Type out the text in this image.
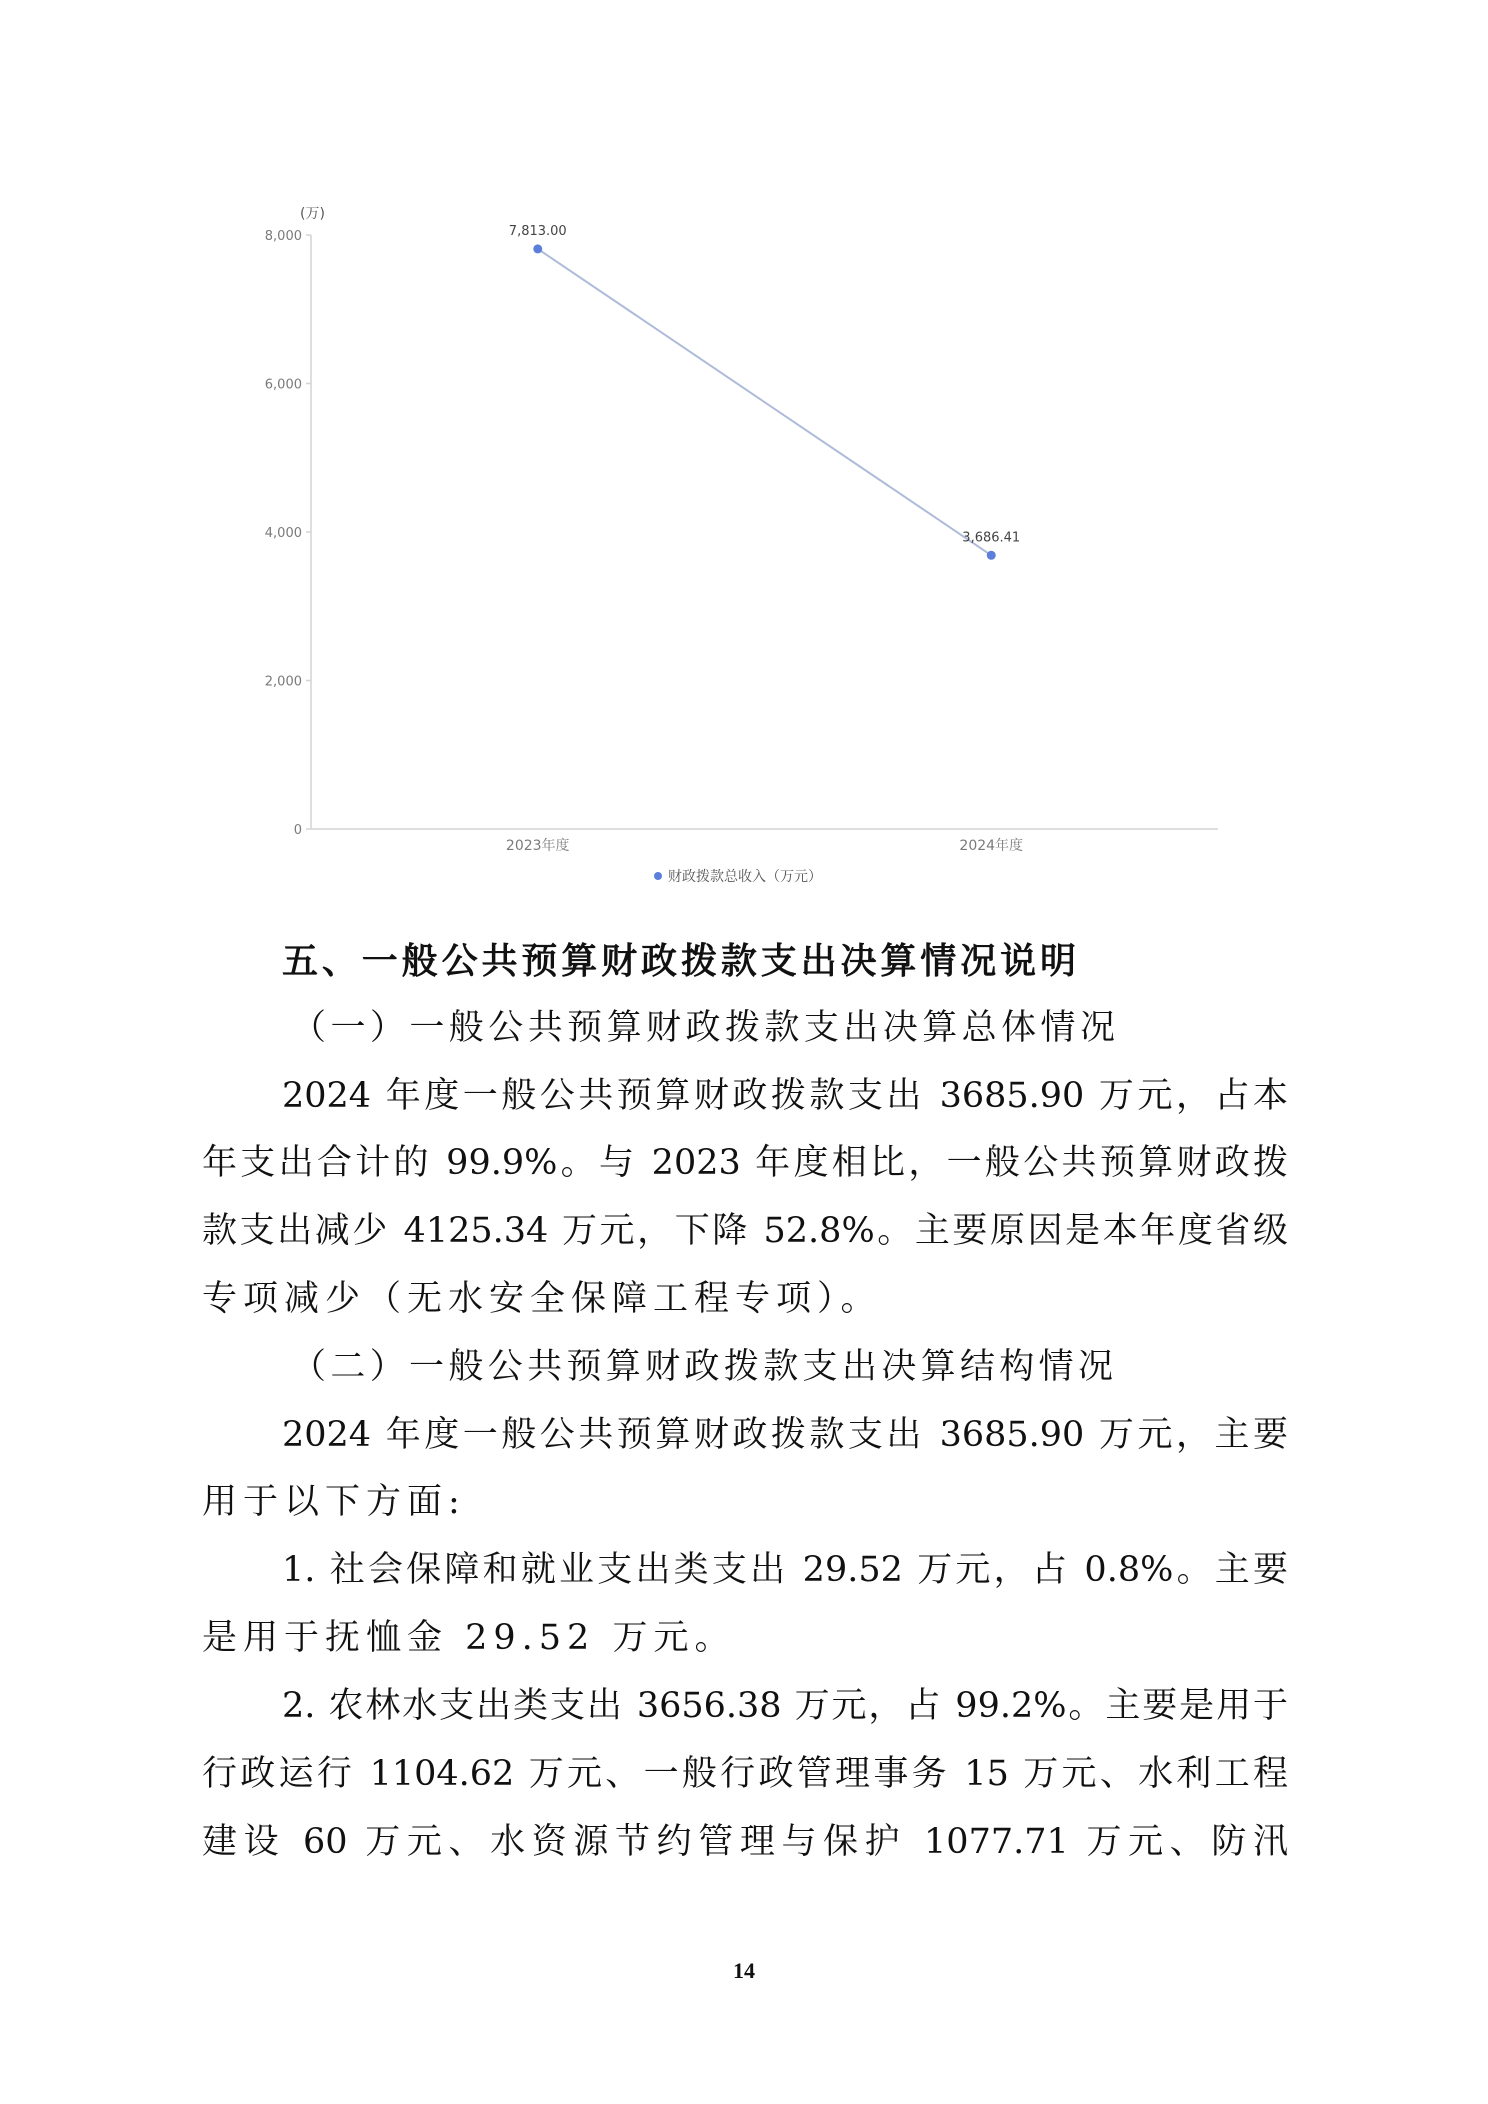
(万)
0
2,000
4,000
6,000
8,000
2023年度	2024年度
7,813.00
3,686.41
财政拨款总收入（万元）
五、一般公共预算财政拨款支出决算情况说明
（一）一般公共预算财政拨款支出决算总体情况
2024 年度一般公共预算财政拨款支出 3685.90 万元，占本
年支出合计的 99.9%。与 2023 年度相比，一般公共预算财政拨
款支出减少 4125.34 万元，下降 52.8%。主要原因是本年度省级
专项减少（无水安全保障工程专项）。
（二）一般公共预算财政拨款支出决算结构情况
2024 年度一般公共预算财政拨款支出 3685.90 万元，主要
用于以下方面:
1. 社会保障和就业支出类支出 29.52 万元，占 0.8%。主要
是用于抚恤金 29.52 万元。
2. 农林水支出类支出 3656.38 万元，占 99.2%。主要是用于
行政运行 1104.62 万元、一般行政管理事务 15 万元、水利工程
建设 60 万元、水资源节约管理与保护 1077.71 万元、防汛
14
